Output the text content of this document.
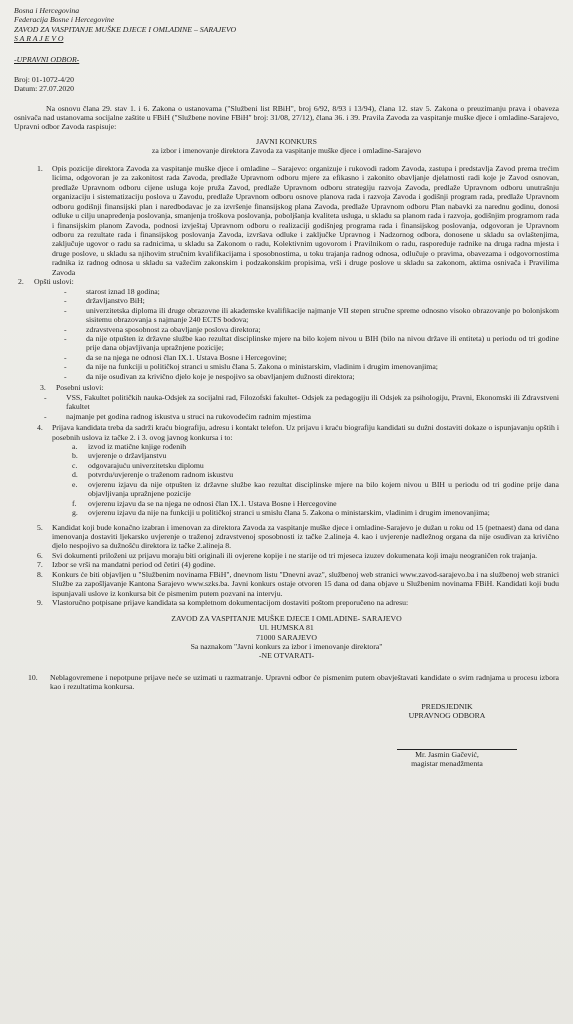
Bosna i Hercegovina

Federacija Bosne i Hercegovine

ZAVOD ZA VASPITANJE MUŠKE DJECE I OMLADINE – SARAJEVO

S A R A J E V O

-UPRAVNI ODBOR-

Broj: 01-1072-4/20

Datum: 27.07.2020

Na osnovu člana 29. stav 1. i 6. Zakona o ustanovama ("Službeni list RBiH", broj 6/92, 8/93 i 13/94), člana 12. stav 5. Zakona o preuzimanju prava i obaveza osnivača nad ustanovama socijalne zaštite u FBiH ("Službene novine FBiH" broj: 31/08, 27/12), člana 36. i 39. Pravila Zavoda za vaspitanje muške djece i omladine-Sarajevo, Upravni odbor Zavoda raspisuje:

JAVNI KONKURS

za izbor i imenovanje direktora Zavoda za vaspitanje muške djece i omladine-Sarajevo

1. Opis pozicije direktora Zavoda za vaspitanje muške djece i omladine – Sarajevo: organizuje i rukovodi radom Zavoda, zastupa i predstavlja Zavod prema trećim licima, odgovoran je za zakonitost rada Zavoda, predlaže Upravnom odboru mjere za efikasno i zakonito obavljanje djelatnosti radi koje je Zavod osnovan, predlaže Upravnom odboru cijene usluga koje pruža Zavod, predlaže Upravnom odboru strategiju razvoja Zavoda, predlaže Upravnom odboru unutrašnju organizaciju i sistematizaciju poslova u Zavodu, predlaže Upravnom odboru osnove planova rada i razvoja Zavoda i godišnji program rada, predlaže Upravnom odboru godišnji finansijski plan i naredbodavac je za izvršenje finansijskog plana Zavoda, predlaže Upravnom odboru Plan nabavki za narednu godinu, donosi odluke u cilju unapređenja poslovanja, smanjenja troškova poslovanja, poboljšanja kvaliteta usluga, u skladu sa planom rada i razvoja, godišnjim programom rada i finansijskim planom Zavoda, podnosi izvještaj Upravnom odboru o realizaciji godišnjeg programa rada i finansijskog poslovanja, odgovoran je Upravnom odboru za rezultate rada i finansijskog poslovanja Zavoda, izvršava odluke i zaključke Upravnog i Nadzornog odbora, donosene u skladu sa ovlaštenjima, zaključuje ugovor o radu sa radnicima, u skladu sa Zakonom o radu, Kolektivnim ugovorom i Pravilnikom o radu, raspoređuje radnike na druga radna mjesta i druge poslove, u skladu sa njihovim stručnim kvalifikacijama i sposobnostima, u toku trajanja radnog odnosa, odlučuje o pravima, obavezama i odgovornostima radnika iz radnog odnosa u skladu sa važećim zakonskim i podzakonskim propisima, vrši i druge poslove u skladu sa zakonom, aktima osnivača i Pravilima Zavoda
2. Opšti uslovi:
- starost iznad 18 godina;
- državljanstvo BiH;
- univerzitetska diploma ili druge obrazovne ili akademske kvalifikacije najmanje VII stepen stručne spreme odnosno visoko obrazovanje po bolonjskom sisitemu obrazovanja s najmanje 240 ECTS bodova;
- zdravstvena sposobnost za obavljanje poslova direktora;
- da nije otpušten iz državne službe kao rezultat disciplinske mjere na bilo kojem nivou u BIH (bilo na nivou države ili entiteta) u periodu od tri godine prije dana objavljivanja upražnjene pozicije;
- da se na njega ne odnosi član IX.1. Ustava Bosne i Hercegovine;
- da nije na funkciji u političkoj stranci u smislu člana 5. Zakona o ministarskim, vladinim i drugim imenovanjima;
- da nije osuđivan za krivično djelo koje je nespojivo sa obavljanjem dužnosti direktora;
3. Posebni uslovi:
- VSS, Fakultet političkih nauka-Odsjek za socijalni rad, Filozofski fakultet- Odsjek za pedagogiju ili Odsjek za psihologiju, Pravni, Ekonomski ili Zdravstveni fakultet
- najmanje pet godina radnog iskustva u struci na rukovodećim radnim mjestima
4. Prijava kandidata treba da sadrži kraću biografiju, adresu i kontakt telefon. Uz prijavu i kraću biografiju kandidati su dužni dostaviti dokaze o ispunjavanju opštih i posebnih uslova iz tačke 2. i 3. ovog javnog konkursa i to:
a. izvod iz matične knjige rođenih
b. uvjerenje o državljanstvu
c. odgovarajuću univerzitetsku diplomu
d. potvrdu/uvjerenje o traženom radnom iskustvu
e. ovjerenu izjavu da nije otpušten iz državne službe kao rezultat disciplinske mjere na bilo kojem nivou u BIH u periodu od tri godine prije dana objavljivanja upražnjene pozicije
f. ovjerenu izjavu da se na njega ne odnosi član IX.1. Ustava Bosne i Hercegovine
g. ovjerenu izjavu da nije na funkciji u političkoj stranci u smislu člana 5. Zakona o ministarskim, vladinim i drugim imenovanjima;
5. Kandidat koji bude konačno izabran i imenovan za direktora Zavoda za vaspitanje muške djece i omladine-Sarajevo je dužan u roku od 15 (petnaest) dana od dana imenovanja dostaviti ljekarsko uvjerenje o traženoj zdravstvenoj sposobnosti iz tačke 2.alineja 4. kao i uvjerenje nadležnog organa da nije osuđivan za krivično djelo nespojivo sa dužnošću direktora iz tačke 2.alineja 8.
6. Svi dokumenti priloženi uz prijavu moraju biti originali ili ovjerene kopije i ne starije od tri mjeseca izuzev dokumenata koji imaju neograničen rok trajanja.
7. Izbor se vrši na mandatni period od četiri (4) godine.
8. Konkurs će biti objavljen u "Službenim novinama FBiH", dnevnom listu "Dnevni avaz", službenoj web stranici www.zavod-sarajevo.ba i na službenoj web stranici Službe za zapošljavanje Kantona Sarajevo www.szks.ba. Javni konkurs ostaje otvoren 15 dana od dana objave u Službenim novinama FBiH. Kandidati koji budu ispunjavali uslove iz konkursa bit će pismenim putem pozvani na intervju.
9. Vlastoručno potpisane prijave kandidata sa kompletnom dokumentacijom dostaviti poštom preporučeno na adresu:

ZAVOD ZA VASPITANJE MUŠKE DJECE I OMLADINE- SARAJEVO

Ul. HUMSKA 81

71000 SARAJEVO

Sa naznakom "Javni konkurs za izbor i imenovanje direktora"

-NE OTVARATI-

10. Neblagovremene i nepotpune prijave neće se uzimati u razmatranje. Upravni odbor će pismenim putem obavještavati kandidate o svim radnjama u procesu izbora kao i rezultatima konkursa.

PREDSJEDNIK

UPRAVNOG ODBORA

Mr. Jasmin Gačević,

magistar menadžmenta
